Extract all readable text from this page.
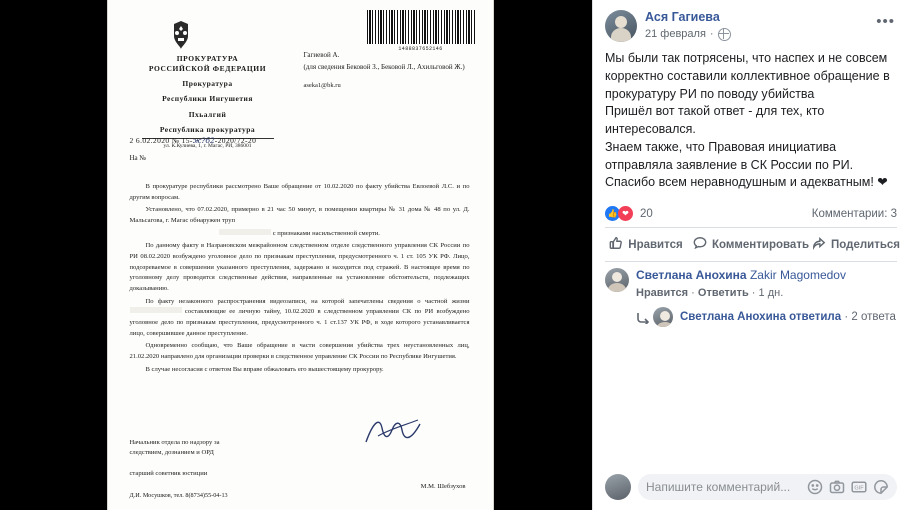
1488837652146
ПРОКУРАТУРА
РОССИЙСКОЙ ФЕДЕРАЦИИ
Прокуратура
Республики Ингушетия
Пхьалгий
Республика прокуратура
ул. К.Кулиева, 1, г. Магас, РИ, 386001
Гагиевой А.
(для сведения Бековой З., Бековой Л., Ахильговой Ж.)
aseka1@bk.ru
2 6.02.2020 № 15-ж?б2-2020/72-20
На №

В прокуратуре республики рассмотрено Ваше обращение от 10.02.2020 по факту убийства Евлоевой Л.С. и по другим вопросам.

Установлено, что 07.02.2020, примерно в 21 час 50 минут, в помещении квартиры № 31 дома № 48 по ул. Д. Мальсагова, г. Магас обнаружен труп

с признаками насильственной смерти.

По данному факту в Назрановском межрайонном следственном отделе следственного управления СК России по РИ 08.02.2020 возбуждено уголовное дело по признакам преступления, предусмотренного ч. 1 ст. 105 УК РФ. Лицо, подозреваемое в совершении указанного преступления, задержано и находится под стражей. В настоящее время по уголовному делу проводятся следственные действия, направленные на установление обстоятельств, подлежащих доказыванию.

По факту незаконного распространения видеозаписи, на которой запечатлены сведения о частной жизни  составляющие ее личную тайну, 10.02.2020 в следственном управлении СК по РИ возбуждено уголовное дело по признакам преступления, предусмотренного ч. 1 ст.137 УК РФ, в ходе которого устанавливается лицо, совершившее данное преступление.

Одновременно сообщаю, что Ваше обращение в части совершения убийства трех неустановленных лиц, 21.02.2020 направлено для организации проверки в следственное управление СК России по Республике Ингушетия.

В случае несогласия с ответом Вы вправе обжаловать его вышестоящему прокурору.

Начальник отдела по надзору за
следствием, дознанием и ОРД
старший советник юстиции
М.М. Шебзухов
Д.И. Мосушков, тел. 8(8734)55-04-13
Ася Гагиева
21 февраля ·
•••

Мы были так потрясены, что наспех и не совсем

корректно составили коллективное обращение в

прокуратуру РИ по поводу убийства

Пришёл вот такой ответ - для тех, кто

интересовался.

Знаем также, что Правовая инициатива

отправляла заявление в СК России по РИ.

Спасибо всем неравнодушным и адекватным! ❤

👍 ❤ 20	Комментарии: 3
Нравится	Комментировать Поделиться
Светлана Анохина Zakir Magomedov
Нравится · Ответить · 1 дн.
Светлана Анохина ответила · 2 ответа
Напишите комментарий...	GIF
